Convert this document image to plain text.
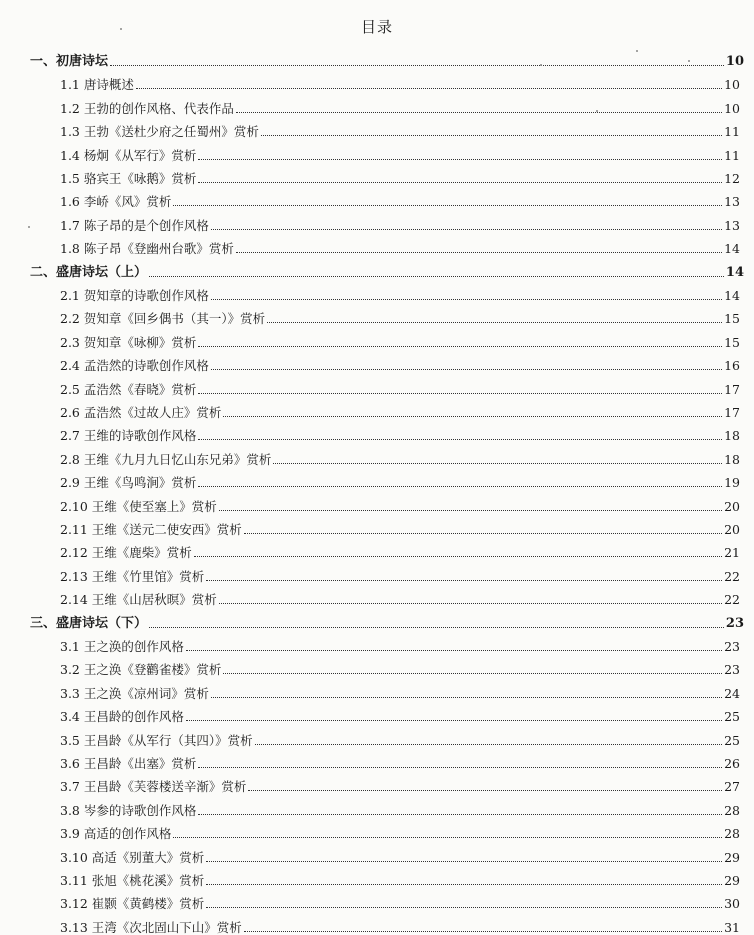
目录
一、初唐诗坛	10
1.1 唐诗概述	10
1.2 王勃的创作风格、代表作品	10
1.3 王勃《送杜少府之任蜀州》赏析	11
1.4 杨炯《从军行》赏析	11
1.5 骆宾王《咏鹅》赏析	12
1.6 李峤《风》赏析	13
1.7 陈子昂的是个创作风格	13
1.8 陈子昂《登幽州台歌》赏析	14
二、盛唐诗坛（上）	14
2.1 贺知章的诗歌创作风格	14
2.2 贺知章《回乡偶书（其一）》赏析	15
2.3 贺知章《咏柳》赏析	15
2.4 孟浩然的诗歌创作风格	16
2.5 孟浩然《春晓》赏析	17
2.6 孟浩然《过故人庄》赏析	17
2.7 王维的诗歌创作风格	18
2.8 王维《九月九日忆山东兄弟》赏析	18
2.9 王维《鸟鸣涧》赏析	19
2.10 王维《使至塞上》赏析	20
2.11 王维《送元二使安西》赏析	20
2.12 王维《鹿柴》赏析	21
2.13 王维《竹里馆》赏析	22
2.14 王维《山居秋暝》赏析	22
三、盛唐诗坛（下）	23
3.1 王之涣的创作风格	23
3.2 王之涣《登鹳雀楼》赏析	23
3.3 王之涣《凉州词》赏析	24
3.4 王昌龄的创作风格	25
3.5 王昌龄《从军行（其四）》赏析	25
3.6 王昌龄《出塞》赏析	26
3.7 王昌龄《芙蓉楼送辛渐》赏析	27
3.8 岑参的诗歌创作风格	28
3.9 高适的创作风格	28
3.10 高适《别董大》赏析	29
3.11 张旭《桃花溪》赏析	29
3.12 崔颢《黄鹤楼》赏析	30
3.13 王湾《次北固山下山》赏析	31
